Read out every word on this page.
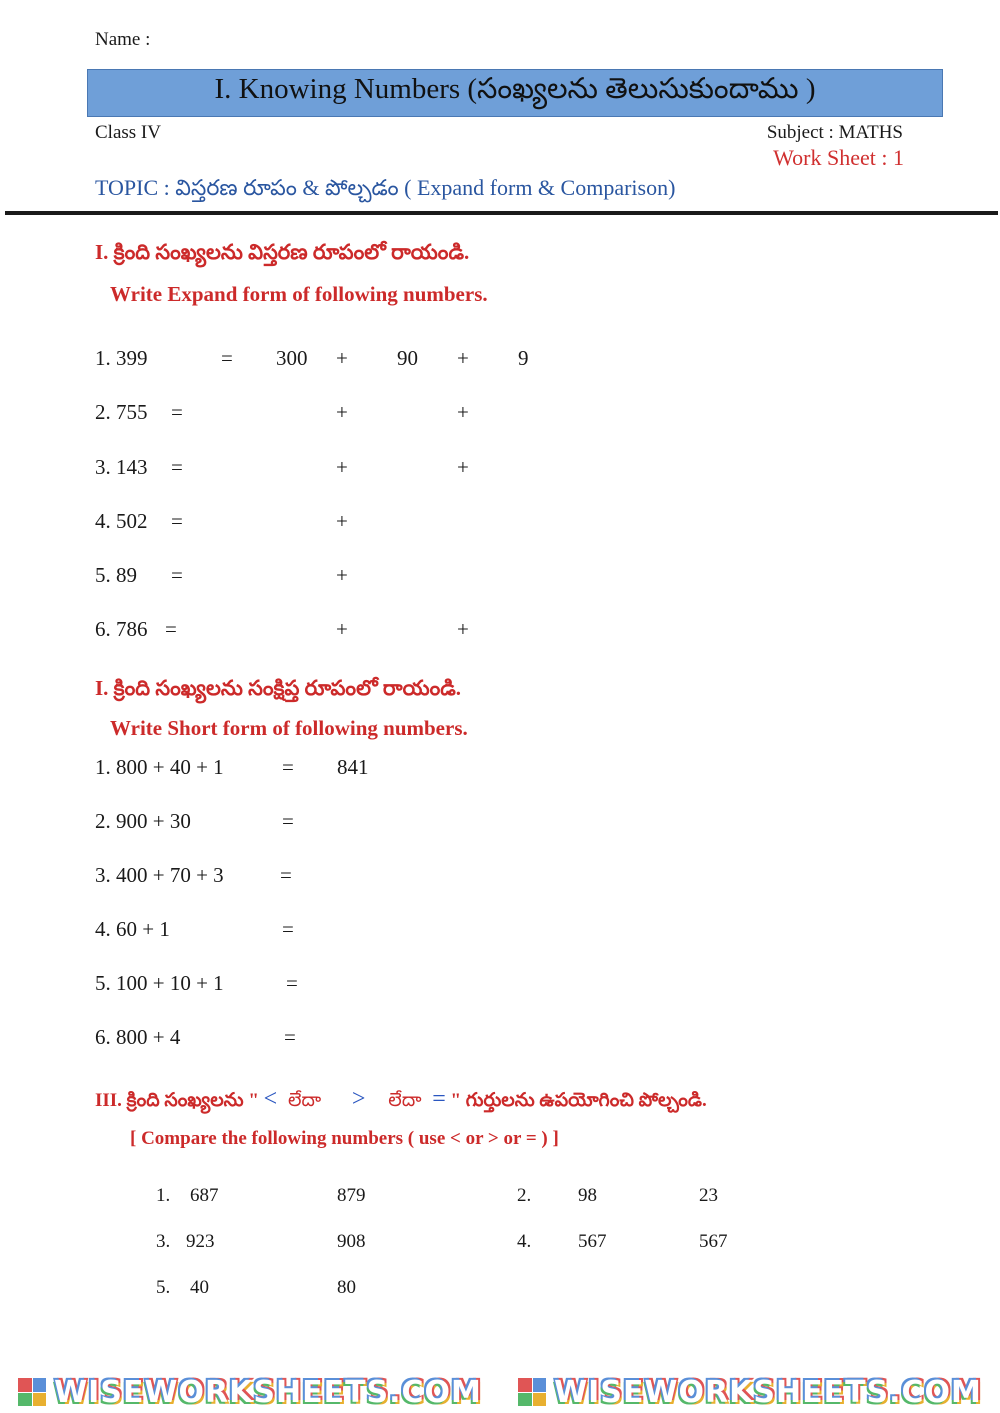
Name :
I. Knowing Numbers (సంఖ్యలను తెలుసుకుందాము )
Class IV	Subject : MATHS
Work Sheet : 1
TOPIC : విస్తరణ రూపం & పోల్చడం ( Expand form & Comparison)
I. క్రింది సంఖ్యలను విస్తరణ రూపంలో రాయండి.
Write Expand form of following numbers.
1. 399	= 300 + 90 + 9
2. 755 =	+	+
3. 143 =	+	+
4. 502 =	+
5. 89 =	+
6. 786 =	+	+
I. క్రింది సంఖ్యలను సంక్షిప్త రూపంలో రాయండి.
Write Short form of following numbers.
1. 800 + 40 + 1	= 841
2. 900 + 30	=
3. 400 + 70 + 3	=
4. 60 + 1	=
5. 100 + 10 + 1	=
6. 800 + 4	=
III. క్రింది సంఖ్యలను " < లేదా > లేదా = " గుర్తులను ఉపయోగించి పోల్చండి.
[ Compare the following numbers ( use < or > or = ) ]
1. 687	879	2. 98	23
3. 923	908	4. 567	567
5. 40	80
WISEWORKSHEETS.COM WISEWORKSHEETS.COM
